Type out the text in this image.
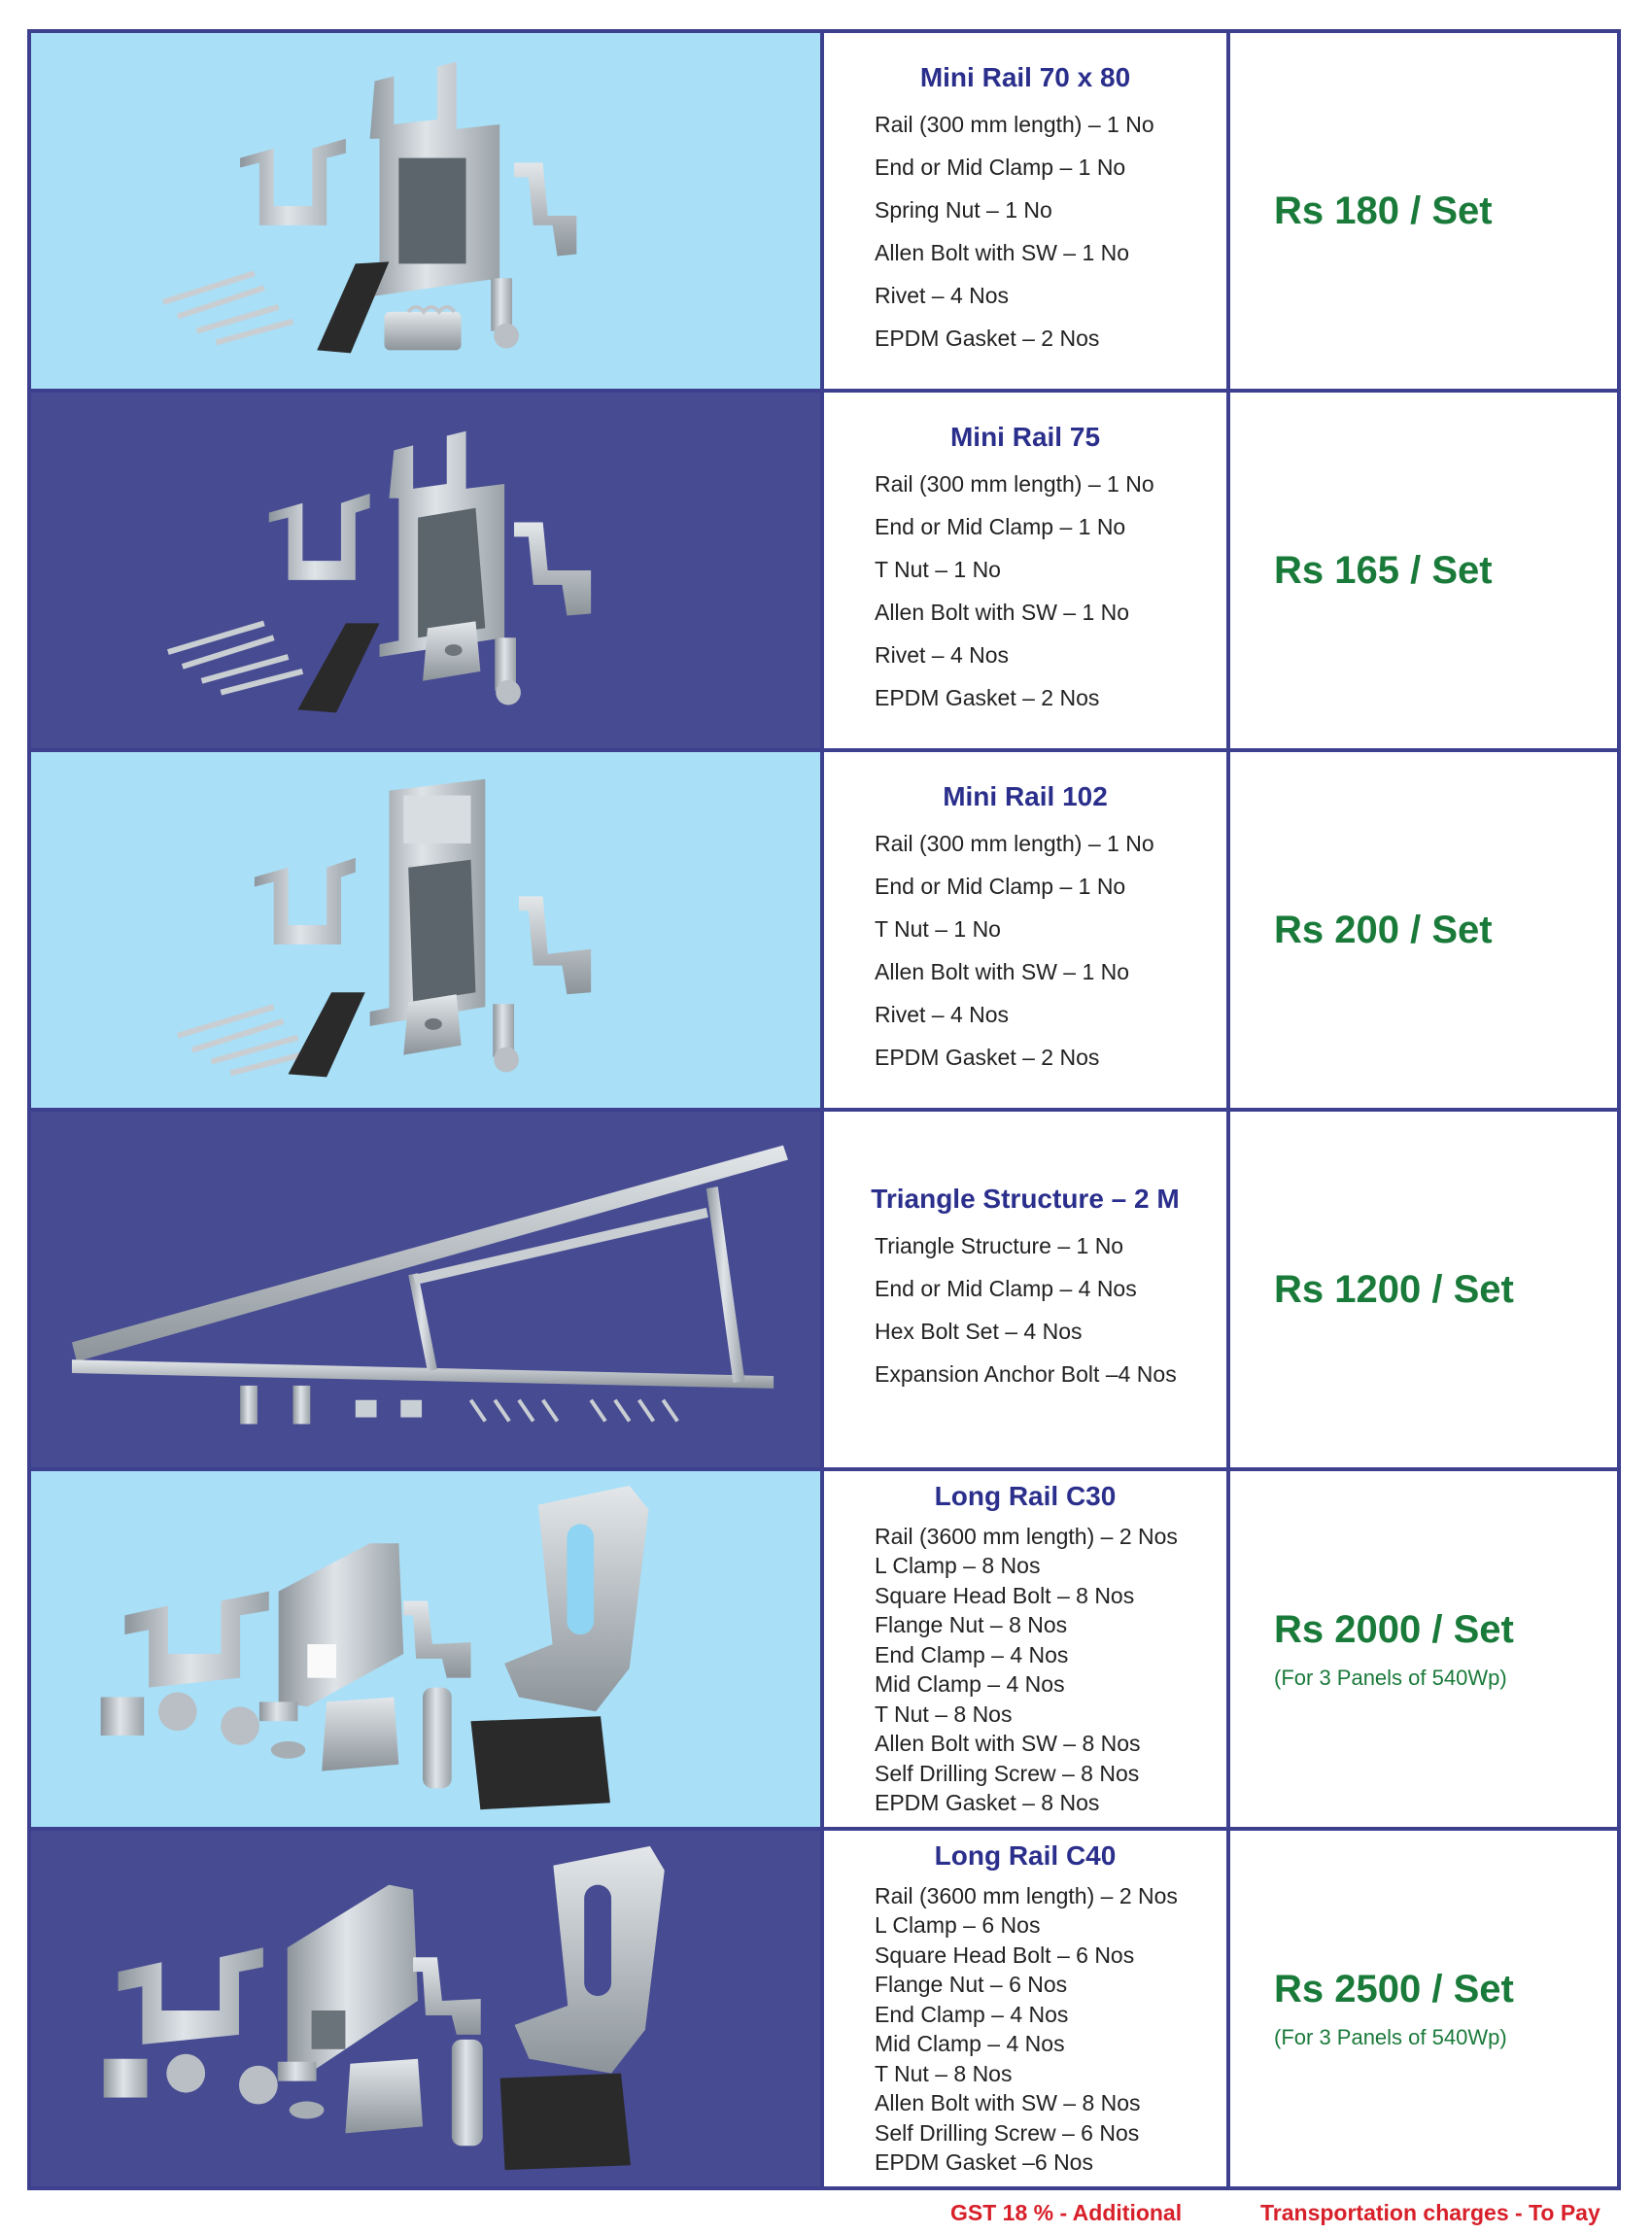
Mini Rail 70 x 80
Rail (300 mm length) – 1 No
End or Mid Clamp – 1 No
Spring Nut – 1 No
Allen Bolt with SW – 1 No
Rivet – 4 Nos
EPDM Gasket – 2 Nos
Rs 180 / Set
Mini Rail 75
Rail (300 mm length) – 1 No
End or Mid Clamp – 1 No
T Nut – 1 No
Allen Bolt with SW – 1 No
Rivet – 4 Nos
EPDM Gasket – 2 Nos
Rs 165 / Set
Mini Rail 102
Rail (300 mm length) – 1 No
End or Mid Clamp – 1 No
T Nut – 1 No
Allen Bolt with SW – 1 No
Rivet – 4 Nos
EPDM Gasket – 2 Nos
Rs 200 / Set
Triangle Structure – 2 M
Triangle Structure – 1 No
End or Mid Clamp – 4 Nos
Hex Bolt Set – 4 Nos
Expansion Anchor Bolt –4 Nos
Rs 1200 / Set
Long Rail C30
Rail (3600 mm length) – 2 Nos
L Clamp – 8 Nos
Square Head Bolt – 8 Nos
Flange Nut – 8 Nos
End Clamp – 4 Nos
Mid Clamp – 4 Nos
T Nut – 8 Nos
Allen Bolt with SW – 8 Nos
Self Drilling Screw – 8 Nos
EPDM Gasket – 8 Nos
Rs 2000 / Set
(For 3 Panels of 540Wp)
Long Rail C40
Rail (3600 mm length) – 2 Nos
L Clamp – 6 Nos
Square Head Bolt – 6 Nos
Flange Nut – 6 Nos
End Clamp – 4 Nos
Mid Clamp – 4 Nos
T Nut – 8 Nos
Allen Bolt with SW – 8 Nos
Self Drilling Screw – 6 Nos
EPDM Gasket –6 Nos
Rs 2500 / Set
(For 3 Panels of 540Wp)
GST 18 % - Additional	Transportation charges - To Pay
